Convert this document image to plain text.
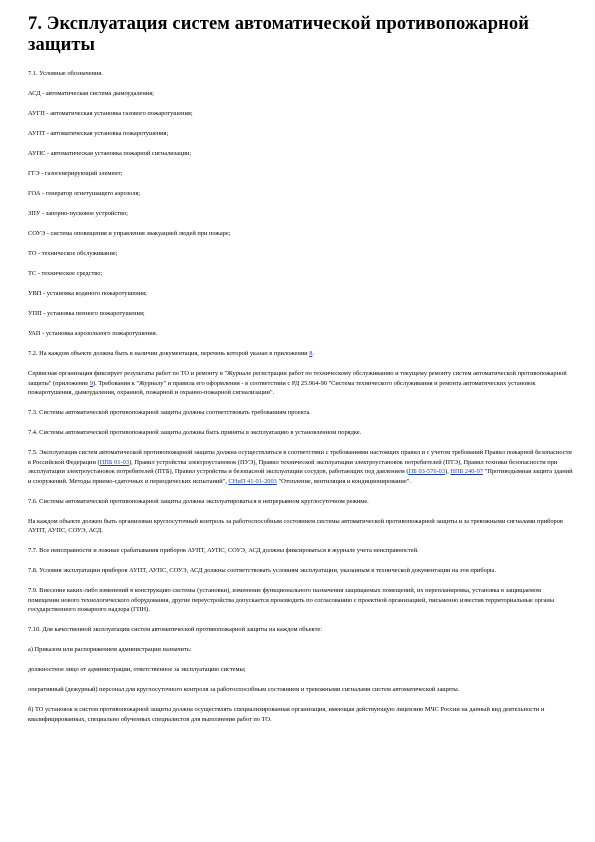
7. Эксплуатация систем автоматической противопожарной защиты
7.1. Условные обозначения.
АСД - автоматическая система дымоудаления;
АУГП - автоматическая установка газового пожаротушения;
АУПТ - автоматическая установка пожаротушения;
АУПС - автоматическая установка пожарной сигнализации;
ГГЭ - газогенерирующий элемент;
ГОА - генератор огнетушащего аэрозоля;
ЗПУ - запорно-пусковое устройство;
СОУЭ - система оповещения и управления эвакуацией людей при пожаре;
ТО - техническое обслуживание;
ТС - техническое средство;
УВП - установка водяного пожаротушения;
УПП - установка пенного пожаротушения;
УАП - установка аэрозольного пожаротушения.
7.2. На каждом объекте должна быть в наличии документация, перечень которой указан в приложении 8.
Сервисная организация фиксирует результаты работ по ТО и ремонту в "Журнале регистрации работ по техническому обслуживанию и текущему ремонту систем автоматической противопожарной защиты" (приложение 9). Требования к "Журналу" и правила его оформления - в соответствии с РД 25.964-90 "Система технического обслуживания и ремонта автоматических установок пожаротушения, дымоудаления, охранной, пожарной и охранно-пожарной сигнализации".
7.3. Системы автоматической противопожарной защиты должны соответствовать требованиям проекта.
7.4. Системы автоматической противопожарной защиты должны быть приняты в эксплуатацию в установленном порядке.
7.5. Эксплуатация систем автоматической противопожарной защиты должна осуществляться в соответствии с требованиями настоящих правил и с учетом требований Правил пожарной безопасности в Российской Федерации (ППБ 01-03), Правил устройства электроустановок (ПУЭ), Правил технической эксплуатации электроустановок потребителей (ПТЭ), Правил техники безопасности при эксплуатации электроустановок потребителей (ПТБ), Правил устройства и безопасной эксплуатации сосудов, работающих под давлением (ПБ 03-576-03), НПБ 240-97 "Противодымная защита зданий и сооружений. Методы приемо-сдаточных и периодических испытаний", СНиП 41-01-2003 "Отопление, вентиляция и кондиционирование".
7.6. Системы автоматической противопожарной защиты должны эксплуатироваться в непрерывном круглосуточном режиме.
На каждом объекте должен быть организован круглосуточный контроль за работоспособным состоянием системы автоматической противопожарной защиты и за тревожными сигналами приборов АУПТ, АУПС, СОУЭ, АСД.
7.7. Все неисправности и ложные срабатывания приборов АУПТ, АУПС, СОУЭ, АСД должны фиксироваться в журнале учета неисправностей.
7.8. Условия эксплуатации приборов АУПТ, АУПС, СОУЭ, АСД должны соответствовать условиям эксплуатации, указанным в технической документации на эти приборы.
7.9. Внесение каких-либо изменений в конструкцию системы (установки), изменение функционального назначения защищаемых помещений, их перепланировка, установка в защищаемом помещении нового технологического оборудования, другие переустройства допускается производить по согласованию с проектной организацией, письменно известив территориальные органы государственного пожарного надзора (ГПН).
7.10. Для качественной эксплуатации систем автоматической противопожарной защиты на каждом объекте:
а) Приказом или распоряжением администрации назначить:
должностное лицо от администрации, ответственное за эксплуатацию системы;
оперативный (дежурный) персонал для круглосуточного контроля за работоспособным состоянием и тревожными сигналами систем автоматической защиты.
б) ТО установок и систем противопожарной защиты должна осуществлять специализированная организация, имеющая действующую лицензию МЧС России на данный вид деятельности и квалифицированных, специально обученных специалистов для выполнения работ по ТО.
